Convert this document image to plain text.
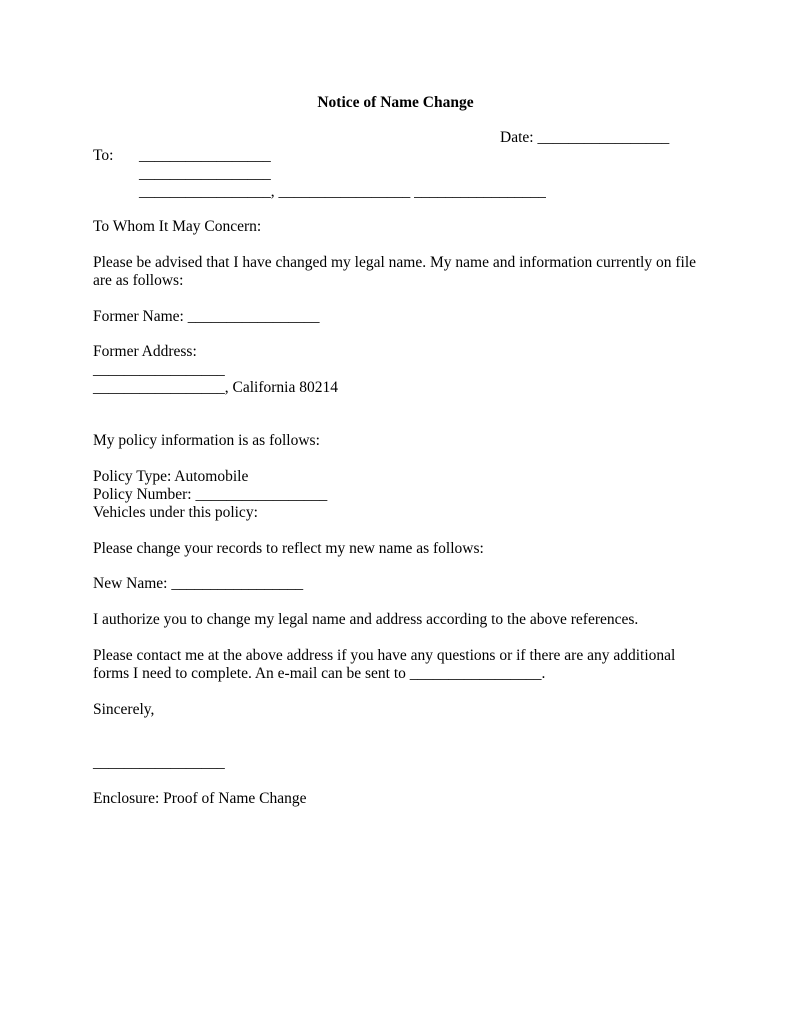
Notice of Name Change
Date: _________________
To: _________________
_________________
_________________, _________________ _________________
To Whom It May Concern:
Please be advised that I have changed my legal name. My name and information currently on file
are as follows:
Former Name: _________________
Former Address:
_________________
_________________, California 80214
My policy information is as follows:
Policy Type: Automobile
Policy Number: _________________
Vehicles under this policy:
Please change your records to reflect my new name as follows:
New Name: _________________
I authorize you to change my legal name and address according to the above references.
Please contact me at the above address if you have any questions or if there are any additional
forms I need to complete. An e-mail can be sent to _________________.
Sincerely,
_________________
Enclosure: Proof of Name Change
